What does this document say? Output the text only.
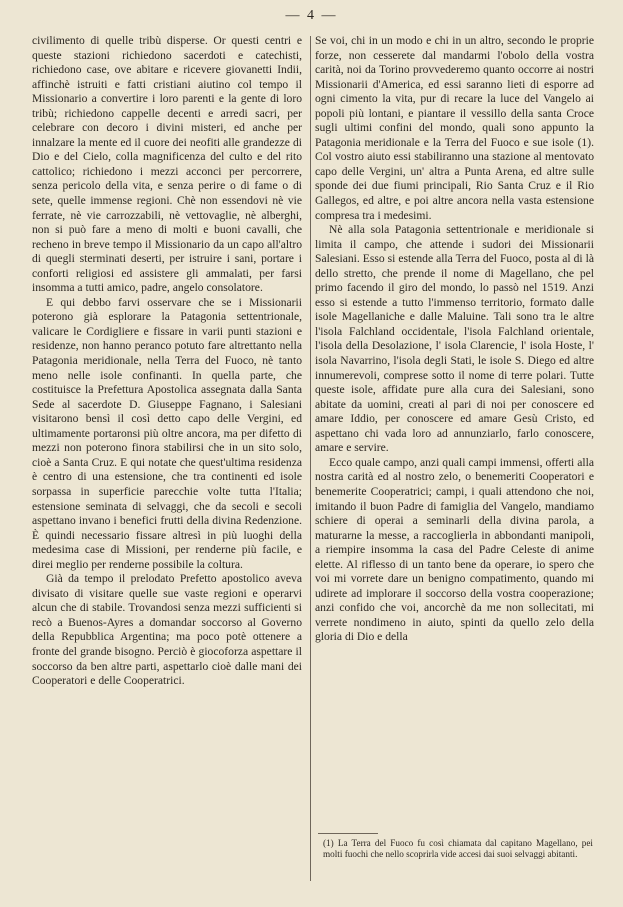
— 4 —

civilimento di quelle tribù disperse. Or questi centri e queste stazioni richiedono sacerdoti e catechisti, richiedono case, ove abitare e ricevere giovanetti Indii, affinchè istruiti e fatti cristiani aiutino col tempo il Missionario a convertire i loro parenti e la gente di loro tribù; richiedono cappelle decenti e arredi sacri, per celebrare con decoro i divini misteri, ed anche per innalzare la mente ed il cuore dei neofiti alle grandezze di Dio e del Cielo, colla magnificenza del culto e del rito cattolico; richiedono i mezzi acconci per percorrere, senza pericolo della vita, e senza perire o di fame o di sete, quelle immense regioni. Chè non essendovi nè vie ferrate, nè vie carrozzabili, nè vettovaglie, nè alberghi, non si può fare a meno di molti e buoni cavalli, che recheno in breve tempo il Missionario da un capo all'altro di quegli sterminati deserti, per istruire i sani, portare i conforti religiosi ed assistere gli ammalati, per farsi insomma a tutti amico, padre, angelo consolatore.

E qui debbo farvi osservare che se i Missionarii poterono già esplorare la Patagonia settentrionale, valicare le Cordigliere e fissare in varii punti stazioni e residenze, non hanno peranco potuto fare altrettanto nella Patagonia meridionale, nella Terra del Fuoco, nè tanto meno nelle isole confinanti. In quella parte, che costituisce la Prefettura Apostolica assegnata dalla Santa Sede al sacerdote D. Giuseppe Fagnano, i Salesiani visitarono bensì il così detto capo delle Vergini, ed ultimamente portaronsi più oltre ancora, ma per difetto di mezzi non poterono finora stabilirsi che in un sito solo, cioè a Santa Cruz. E qui notate che quest'ultima residenza è centro di una estensione, che tra continenti ed isole sorpassa in superficie parecchie volte tutta l'Italia; estensione seminata di selvaggi, che da secoli e secoli aspettano invano i benefici frutti della divina Redenzione. È quindi necessario fissare altresì in più luoghi della medesima case di Missioni, per renderne più facile, e direi meglio per renderne possibile la coltura.

Già da tempo il prelodato Prefetto apostolico aveva divisato di visitare quelle sue vaste regioni e operarvi alcun che di stabile. Trovandosi senza mezzi sufficienti si recò a Buenos-Ayres a domandar soccorso al Governo della Repubblica Argentina; ma poco potè ottenere a fronte del grande bisogno. Perciò è giocoforza aspettare il soccorso da ben altre parti, aspettarlo cioè dalle mani dei Cooperatori e delle Cooperatrici.

Se voi, chi in un modo e chi in un altro, secondo le proprie forze, non cesserete dal mandarmi l'obolo della vostra carità, noi da Torino provvederemo quanto occorre ai nostri Missionarii d'America, ed essi saranno lieti di esporre ad ogni cimento la vita, pur di recare la luce del Vangelo ai popoli più lontani, e piantare il vessillo della santa Croce sugli ultimi confini del mondo, quali sono appunto la Patagonia meridionale e la Terra del Fuoco e sue isole (1). Col vostro aiuto essi stabiliranno una stazione al mentovato capo delle Vergini, un' altra a Punta Arena, ed altre sulle sponde dei due fiumi principali, Rio Santa Cruz e il Rio Gallegos, ed altre, e poi altre ancora nella vasta estensione compresa tra i medesimi.

Nè alla sola Patagonia settentrionale e meridionale si limita il campo, che attende i sudori dei Missionarii Salesiani. Esso si estende alla Terra del Fuoco, posta al di là dello stretto, che prende il nome di Magellano, che pel primo facendo il giro del mondo, lo passò nel 1519. Anzi esso si estende a tutto l'immenso territorio, formato dalle isole Magellaniche e dalle Maluine. Tali sono tra le altre l'isola Falchland occidentale, l'isola Falchland orientale, l'isola della Desolazione, l' isola Clarencie, l' isola Hoste, l' isola Navarrino, l'isola degli Stati, le isole S. Diego ed altre innumerevoli, comprese sotto il nome di terre polari. Tutte queste isole, affidate pure alla cura dei Salesiani, sono abitate da uomini, creati al pari di noi per conoscere ed amare Iddio, per conoscere ed amare Gesù Cristo, ed aspettano chi vada loro ad annunziarlo, farlo conoscere, amare e servire.

Ecco quale campo, anzi quali campi immensi, offerti alla nostra carità ed al nostro zelo, o benemeriti Cooperatori e benemerite Cooperatrici; campi, i quali attendono che noi, imitando il buon Padre di famiglia del Vangelo, mandiamo schiere di operai a seminarli della divina parola, a maturarne la messe, a raccoglierla in abbondanti manipoli, a riempire insomma la casa del Padre Celeste di anime elette. Al riflesso di un tanto bene da operare, io spero che voi mi vorrete dare un benigno compatimento, quando mi udirete ad implorare il soccorso della vostra cooperazione; anzi confido che voi, ancorchè da me non sollecitati, mi verrete nondimeno in aiuto, spinti da quello zelo della gloria di Dio e della

(1) La Terra del Fuoco fu così chiamata dal capitano Magellano, pei molti fuochi che nello scoprirla vide accesi dai suoi selvaggi abitanti.
